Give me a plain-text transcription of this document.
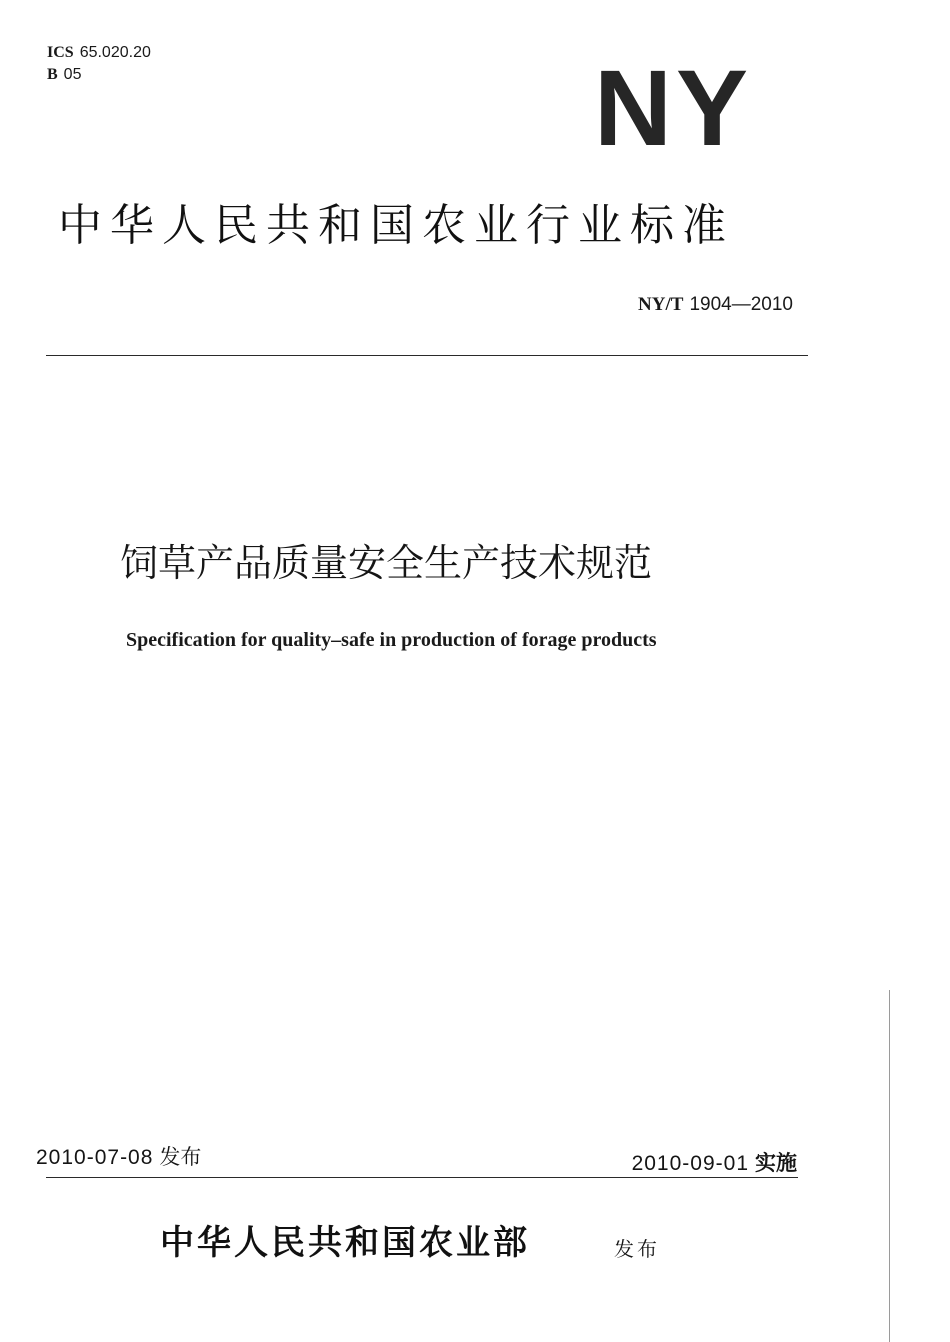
ICS 65.020.20
B 05	NY
中华人民共和国农业行业标准
NY/T 1904—2010
饲草产品质量安全生产技术规范
Specification for quality–safe in production of forage products
2010-07-08 发布	2010-09-01 实施
中华人民共和国农业部	发布
